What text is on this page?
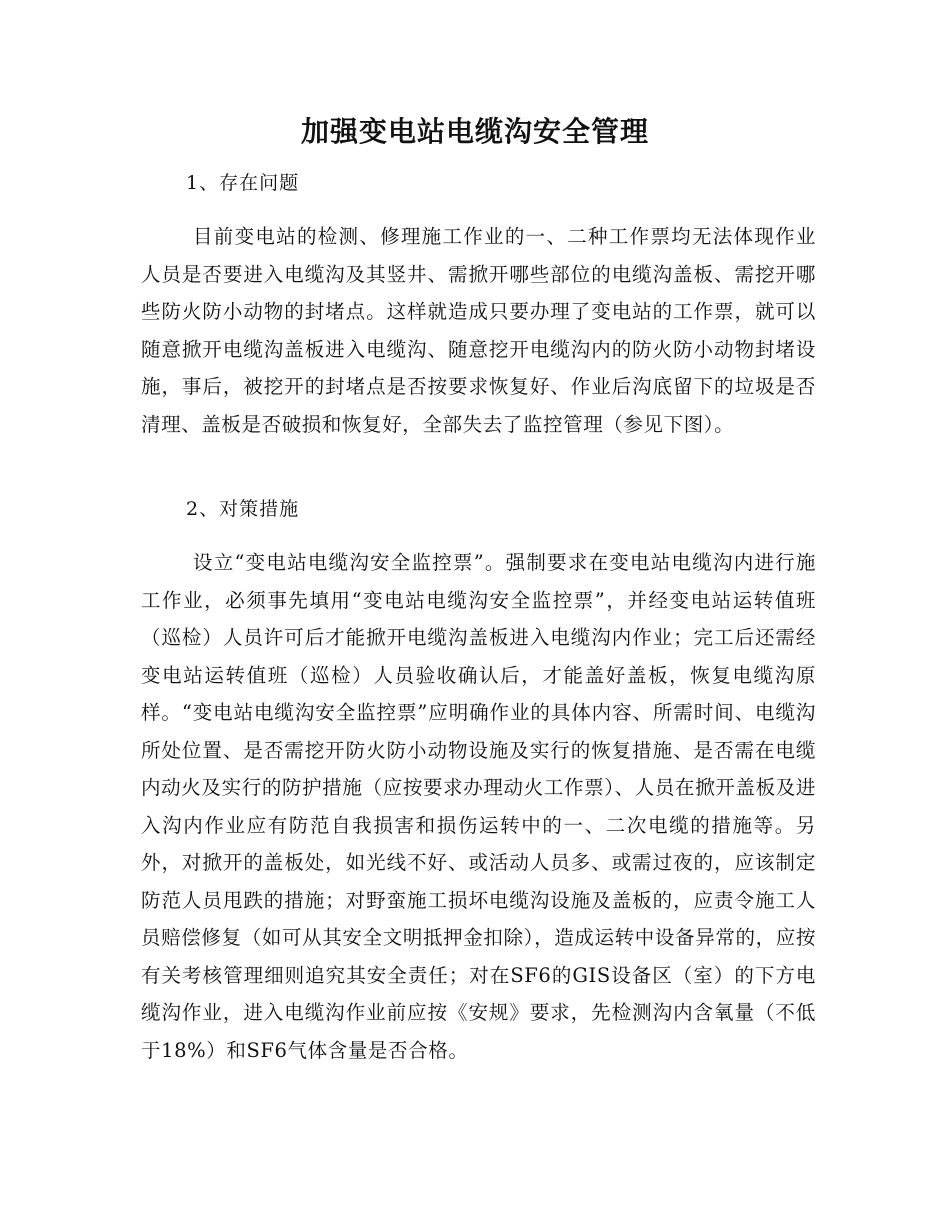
加强变电站电缆沟安全管理

1、存在问题

目前变电站的检测、修理施工作业的一、二种工作票均无法体现作业人员是否要进入电缆沟及其竖井、需掀开哪些部位的电缆沟盖板、需挖开哪些防火防小动物的封堵点。这样就造成只要办理了变电站的工作票，就可以随意掀开电缆沟盖板进入电缆沟、随意挖开电缆沟内的防火防小动物封堵设施，事后，被挖开的封堵点是否按要求恢复好、作业后沟底留下的垃圾是否清理、盖板是否破损和恢复好，全部失去了监控管理（参见下图）。

2、对策措施

设立“变电站电缆沟安全监控票”。强制要求在变电站电缆沟内进行施工作业，必须事先填用“变电站电缆沟安全监控票”，并经变电站运转值班（巡检）人员许可后才能掀开电缆沟盖板进入电缆沟内作业；完工后还需经变电站运转值班（巡检）人员验收确认后，才能盖好盖板，恢复电缆沟原样。“变电站电缆沟安全监控票”应明确作业的具体内容、所需时间、电缆沟所处位置、是否需挖开防火防小动物设施及实行的恢复措施、是否需在电缆内动火及实行的防护措施（应按要求办理动火工作票）、人员在掀开盖板及进入沟内作业应有防范自我损害和损伤运转中的一、二次电缆的措施等。另外，对掀开的盖板处，如光线不好、或活动人员多、或需过夜的，应该制定防范人员甩跌的措施；对野蛮施工损坏电缆沟设施及盖板的，应责令施工人员赔偿修复（如可从其安全文明抵押金扣除），造成运转中设备异常的，应按有关考核管理细则追究其安全责任；对在SF6的GIS设备区（室）的下方电缆沟作业，进入电缆沟作业前应按《安规》要求，先检测沟内含氧量（不低于18%）和SF6气体含量是否合格。
